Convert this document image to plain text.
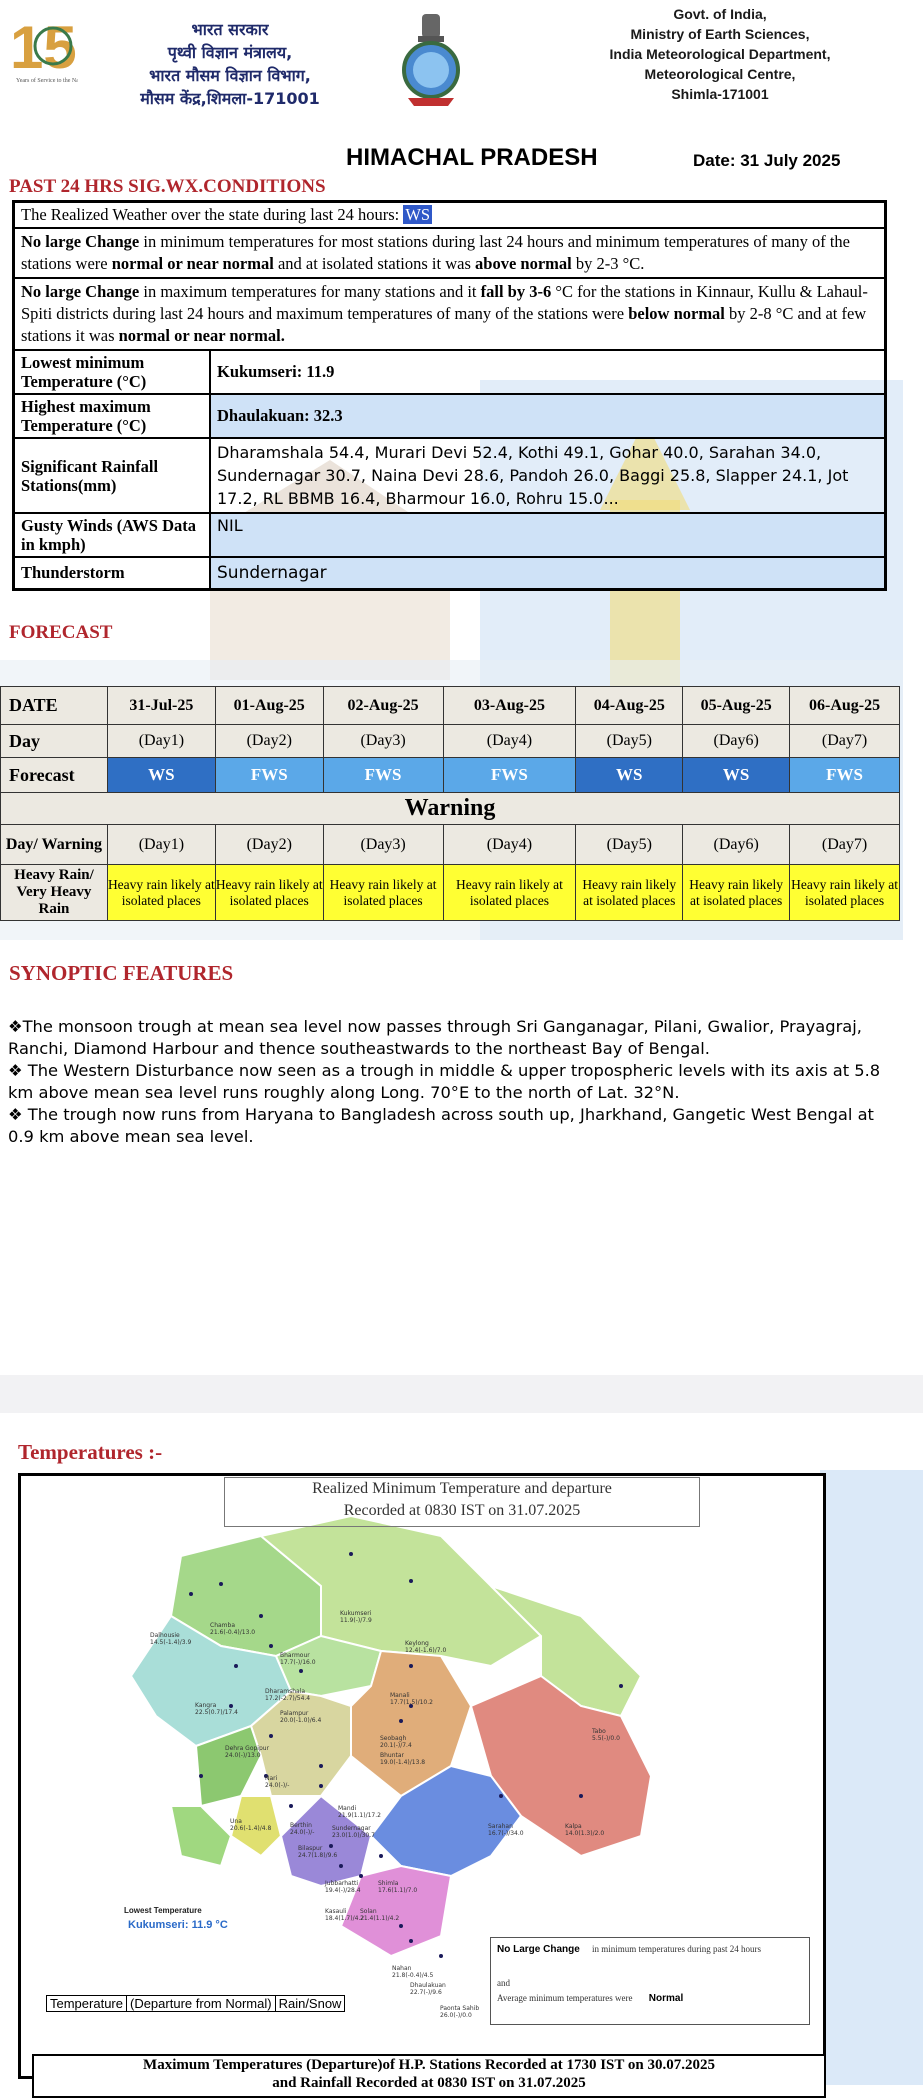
15
Years of Service to the N
भारत सरकार
पृथ्वी विज्ञान मंत्रालय,
भारत मौसम विज्ञान विभाग,
मौसम केंद्र,शिमला-171001
Govt. of India,
Ministry of Earth Sciences,
India Meteorological Department,
Meteorological Centre,
Shimla-171001
HIMACHAL PRADESH	Date: 31 July 2025
PAST 24 HRS SIG.WX.CONDITIONS
The Realized Weather over the state during last 24 hours: WS	
No large Change in minimum temperatures for most stations during last 24 hours and minimum temperatures of many of the stations were normal or near normal and at isolated stations it was above normal by 2-3 °C.	
No large Change in maximum temperatures for many stations and it fall by 3-6 °C for the stations in Kinnaur, Kullu & Lahaul-Spiti districts during last 24 hours and maximum temperatures of many of the stations were below normal by 2-8 °C and at few stations it was normal or near normal.	
Lowest minimum Temperature (°C)	Kukumseri: 11.9
Highest maximum Temperature (°C)	Dhaulakuan: 32.3
Significant Rainfall Stations(mm)	Dharamshala 54.4, Murari Devi 52.4, Kothi 49.1, Gohar 40.0, Sarahan 34.0, Sundernagar 30.7, Naina Devi 28.6, Pandoh 26.0, Baggi 25.8, Slapper 24.1, Jot 17.2, RL BBMB 16.4, Bharmour 16.0, Rohru 15.0...
Gusty Winds (AWS Data in kmph)	NIL
Thunderstorm	Sundernagar
FORECAST
DATE	31-Jul-25	01-Aug-25	02-Aug-25	03-Aug-25	04-Aug-25	05-Aug-25	06-Aug-25
Day	(Day1)	(Day2)	(Day3)	(Day4)	(Day5)	(Day6)	(Day7)
Forecast	WS	FWS	FWS	FWS	WS	WS	FWS
Warning							
Day/ Warning	(Day1)	(Day2)	(Day3)	(Day4)	(Day5)	(Day6)	(Day7)
Heavy Rain/ Very Heavy Rain	Heavy rain likely at isolated places	Heavy rain likely at isolated places	Heavy rain likely at isolated places	Heavy rain likely at isolated places	Heavy rain likely at isolated places	Heavy rain likely at isolated places	Heavy rain likely at isolated places
SYNOPTIC FEATURES

❖The monsoon trough at mean sea level now passes through Sri Ganganagar, Pilani, Gwalior, Prayagraj, Ranchi, Diamond Harbour and thence southeastwards to the northeast Bay of Bengal.

❖ The Western Disturbance now seen as a trough in middle & upper tropospheric levels with its axis at 5.8 km above mean sea level runs roughly along Long. 70°E to the north of Lat. 32°N.

❖ The trough now runs from Haryana to Bangladesh across south up, Jharkhand, Gangetic West Bengal at 0.9 km above mean sea level.

Temperatures :-
Realized Minimum Temperature and departure
Recorded at 0830 IST on 31.07.2025
Kukumseri
11.9(-)/7.9
Chamba
21.6(-0.4)/13.0
Dalhousie
14.5(-1.4)/3.9
Bharmour
17.7(-)/16.0
Keylong
12.4(-1.6)/7.0
Dharamshala
17.2(-2.7)/54.4
Kangra
22.5(0.7)/17.4	Palampur
20.0(-1.0)/6.4
Manali
17.7(1.5)/10.2
Dehra Gopipur
24.0(-)/13.0
Seobagh
20.1(-)/7.4
Bhuntar
19.0(-1.4)/13.8
Tabo
5.5(-)/0.0
Nari
24.0(-)/-
Una
20.6(-1.4)/4.8
Mandi
21.9(1.1)/17.2
Sundernagar
23.0(1.0)/30.7
Sarahan
16.7(-)/34.0
Kalpa
14.0(1.3)/2.0
Berthin
24.0(-)/-
Bilaspur
24.7(1.8)/9.6
Jubbarhatti
19.4(-)/28.4
Shimla
17.6(1.1)/7.0
Kasauli
18.4(1.7)/4.2
Solan
21.4(1.1)/4.2
Nahan
21.8(-0.4)/4.5
Dhaulakuan
22.7(-)/9.6
Paonta Sahib
26.0(-)/0.0
Lowest Temperature
Kukumseri: 11.9 °C
Temperature (Departure from Normal) Rain/Snow
No Large Change in minimum temperatures during past 24 hours
and
Average minimum temperatures were Normal
Maximum Temperatures (Departure)of H.P. Stations Recorded at 1730 IST on 30.07.2025
and Rainfall Recorded at 0830 IST on 31.07.2025
